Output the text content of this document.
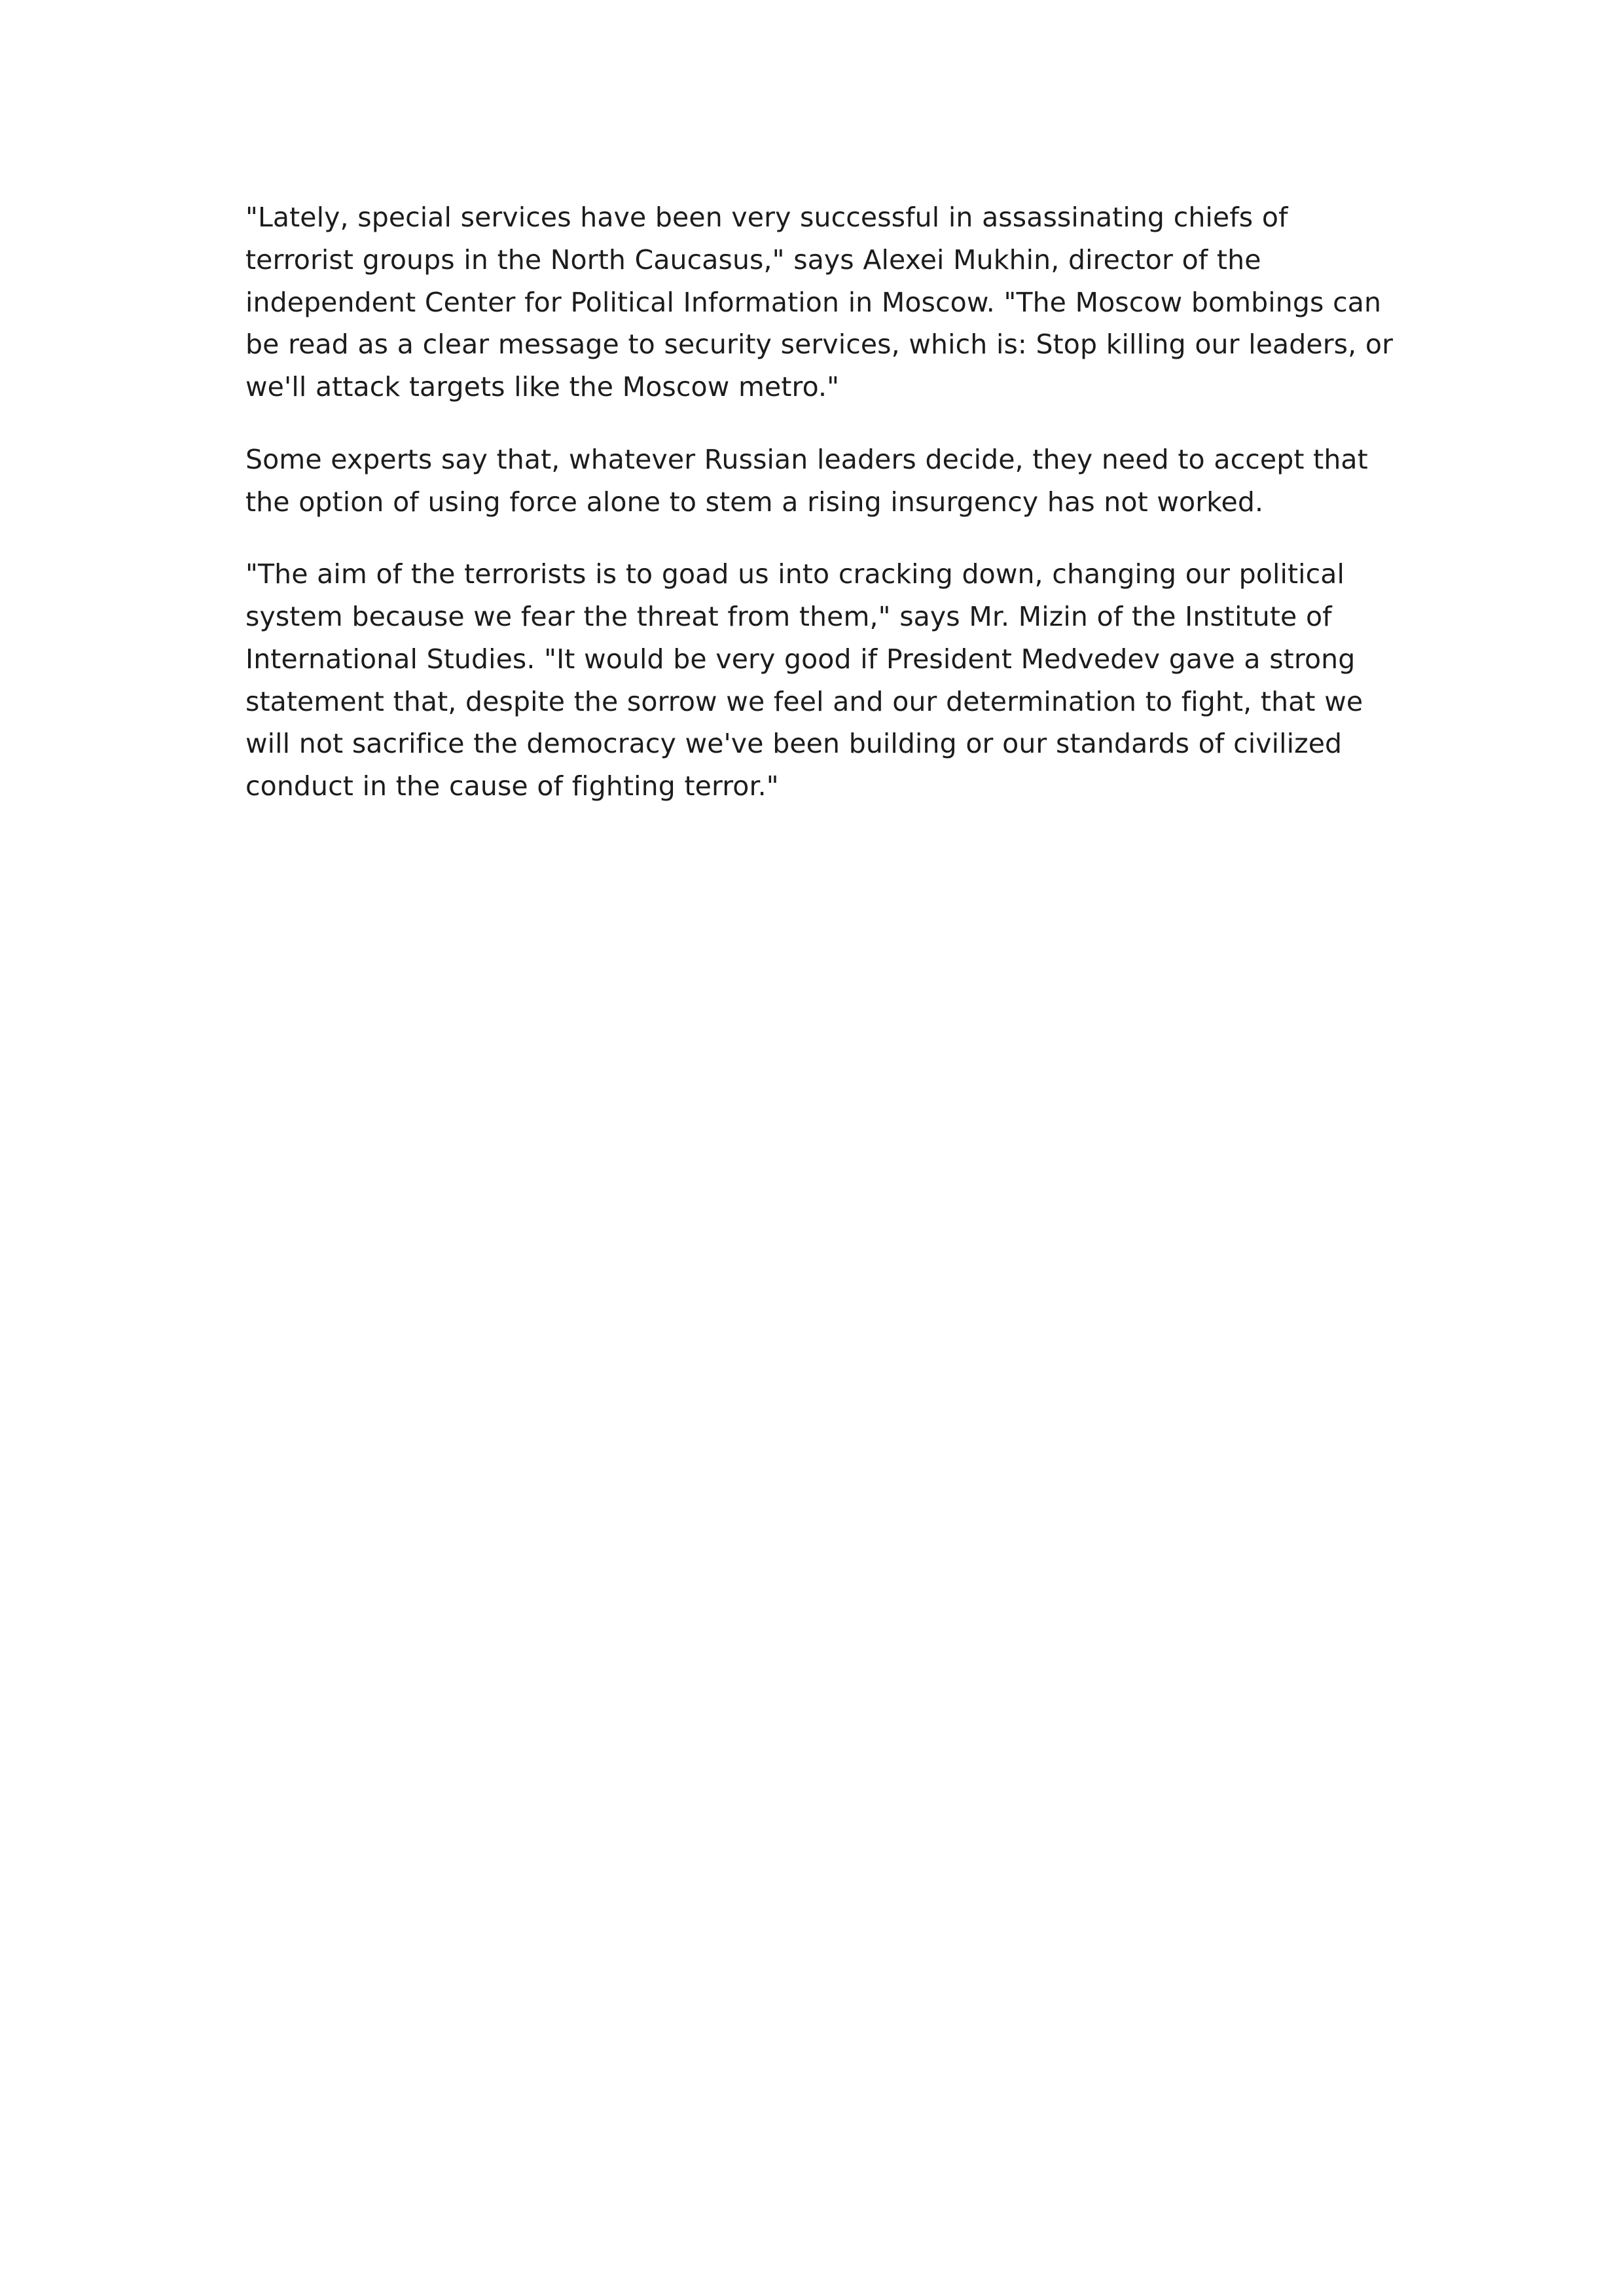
"Lately, special services have been very successful in assassinating chiefs of terrorist groups in the North Caucasus," says Alexei Mukhin, director of the independent Center for Political Information in Moscow. "The Moscow bombings can be read as a clear message to security services, which is: Stop killing our leaders, or we'll attack targets like the Moscow metro."

Some experts say that, whatever Russian leaders decide, they need to accept that the option of using force alone to stem a rising insurgency has not worked.

"The aim of the terrorists is to goad us into cracking down, changing our political system because we fear the threat from them," says Mr. Mizin of the Institute of International Studies. "It would be very good if President Medvedev gave a strong statement that, despite the sorrow we feel and our determination to fight, that we will not sacrifice the democracy we've been building or our standards of civilized conduct in the cause of fighting terror."
